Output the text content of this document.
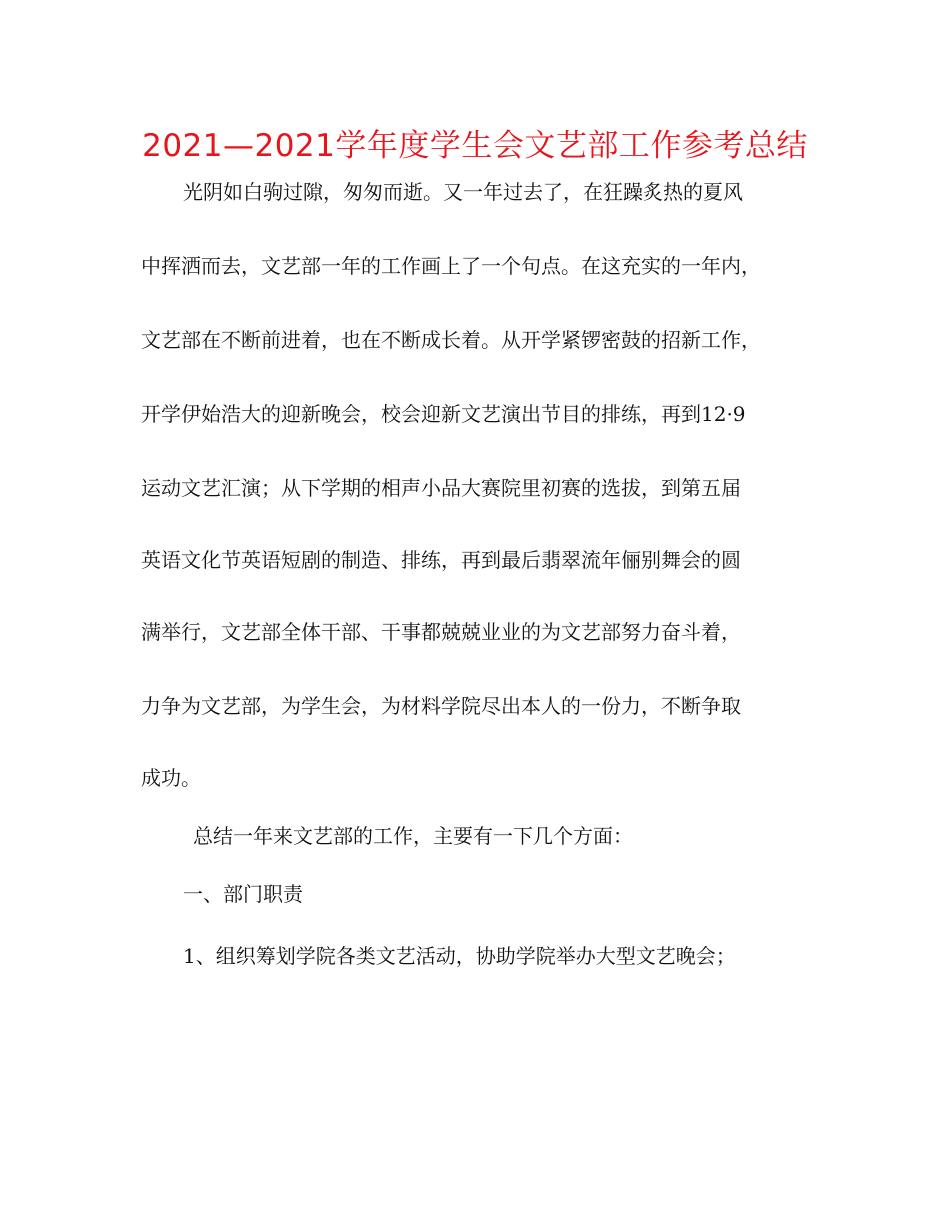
2021—2021学年度学生会文艺部工作参考总结
光阴如白驹过隙，匆匆而逝。又一年过去了，在狂躁炙热的夏风
中挥洒而去，文艺部一年的工作画上了一个句点。在这充实的一年内，
文艺部在不断前进着，也在不断成长着。从开学紧锣密鼓的招新工作，
开学伊始浩大的迎新晚会，校会迎新文艺演出节目的排练，再到12·9
运动文艺汇演；从下学期的相声小品大赛院里初赛的选拔，到第五届
英语文化节英语短剧的制造、排练，再到最后翡翠流年俪别舞会的圆
满举行，文艺部全体干部、干事都兢兢业业的为文艺部努力奋斗着，
力争为文艺部，为学生会，为材料学院尽出本人的一份力，不断争取
成功。
总结一年来文艺部的工作，主要有一下几个方面：
一、部门职责
1、组织筹划学院各类文艺活动，协助学院举办大型文艺晚会；
